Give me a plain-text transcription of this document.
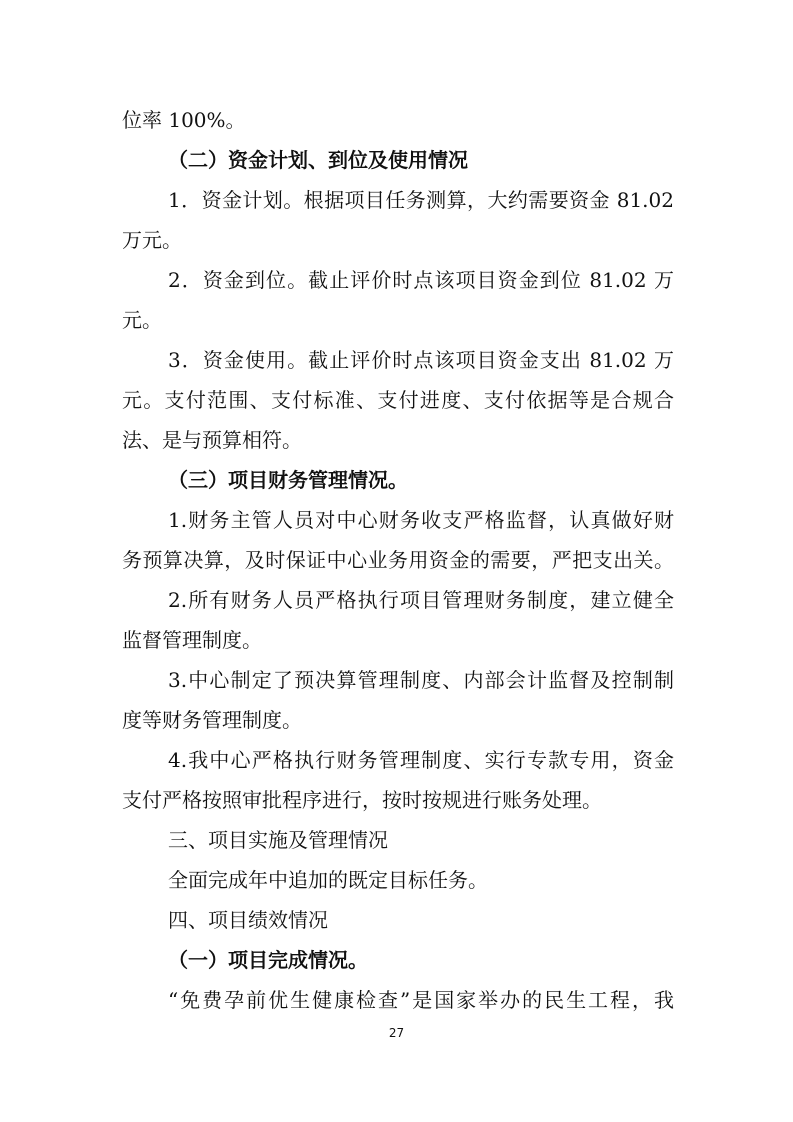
位率 100%。
（二）资金计划、到位及使用情况
1．资金计划。根据项目任务测算，大约需要资金 81.02
万元。
2．资金到位。截止评价时点该项目资金到位 81.02 万
元。
3．资金使用。截止评价时点该项目资金支出 81.02 万
元。支付范围、支付标准、支付进度、支付依据等是合规合
法、是与预算相符。
（三）项目财务管理情况。
1.财务主管人员对中心财务收支严格监督，认真做好财
务预算决算，及时保证中心业务用资金的需要，严把支出关。
2.所有财务人员严格执行项目管理财务制度，建立健全
监督管理制度。
3.中心制定了预决算管理制度、内部会计监督及控制制
度等财务管理制度。
4.我中心严格执行财务管理制度、实行专款专用，资金
支付严格按照审批程序进行，按时按规进行账务处理。
三、项目实施及管理情况
全面完成年中追加的既定目标任务。
四、项目绩效情况
（一）项目完成情况。
“免费孕前优生健康检查”是国家举办的民生工程，我
27
